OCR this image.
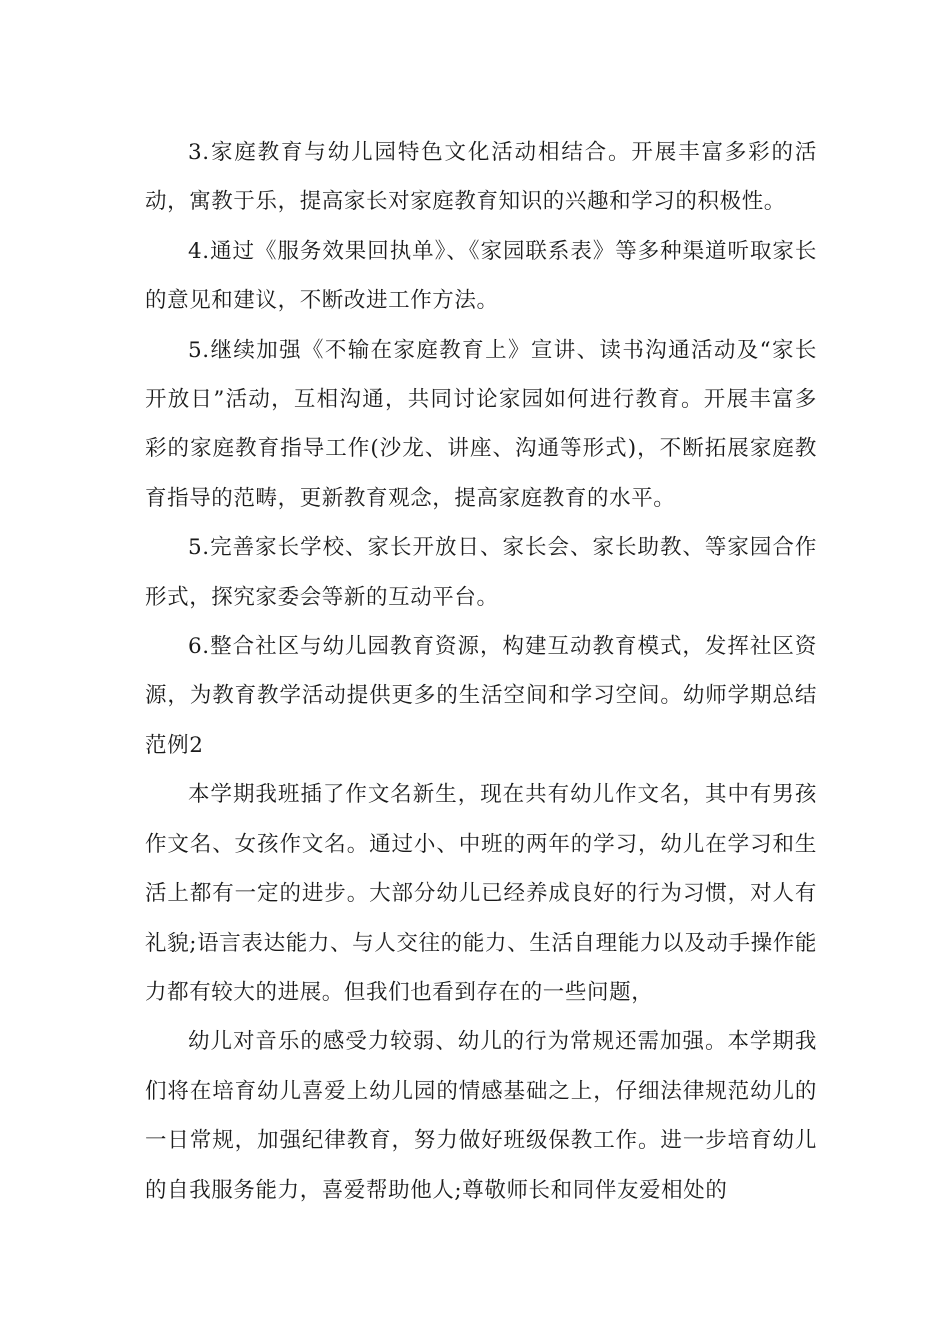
3.家庭教育与幼儿园特色文化活动相结合。开展丰富多彩的活动，寓教于乐，提高家长对家庭教育知识的兴趣和学习的积极性。

4.通过《服务效果回执单》、《家园联系表》等多种渠道听取家长的意见和建议，不断改进工作方法。

5.继续加强《不输在家庭教育上》宣讲、读书沟通活动及“家长开放日”活动，互相沟通，共同讨论家园如何进行教育。开展丰富多彩的家庭教育指导工作(沙龙、讲座、沟通等形式)，不断拓展家庭教育指导的范畴，更新教育观念，提高家庭教育的水平。

5.完善家长学校、家长开放日、家长会、家长助教、等家园合作形式，探究家委会等新的互动平台。

6.整合社区与幼儿园教育资源，构建互动教育模式，发挥社区资源，为教育教学活动提供更多的生活空间和学习空间。幼师学期总结范例2

本学期我班插了作文名新生，现在共有幼儿作文名，其中有男孩作文名、女孩作文名。通过小、中班的两年的学习，幼儿在学习和生活上都有一定的进步。大部分幼儿已经养成良好的行为习惯，对人有礼貌;语言表达能力、与人交往的能力、生活自理能力以及动手操作能力都有较大的进展。但我们也看到存在的一些问题，

幼儿对音乐的感受力较弱、幼儿的行为常规还需加强。本学期我们将在培育幼儿喜爱上幼儿园的情感基础之上，仔细法律规范幼儿的一日常规，加强纪律教育，努力做好班级保教工作。进一步培育幼儿的自我服务能力，喜爱帮助他人;尊敬师长和同伴友爱相处的
